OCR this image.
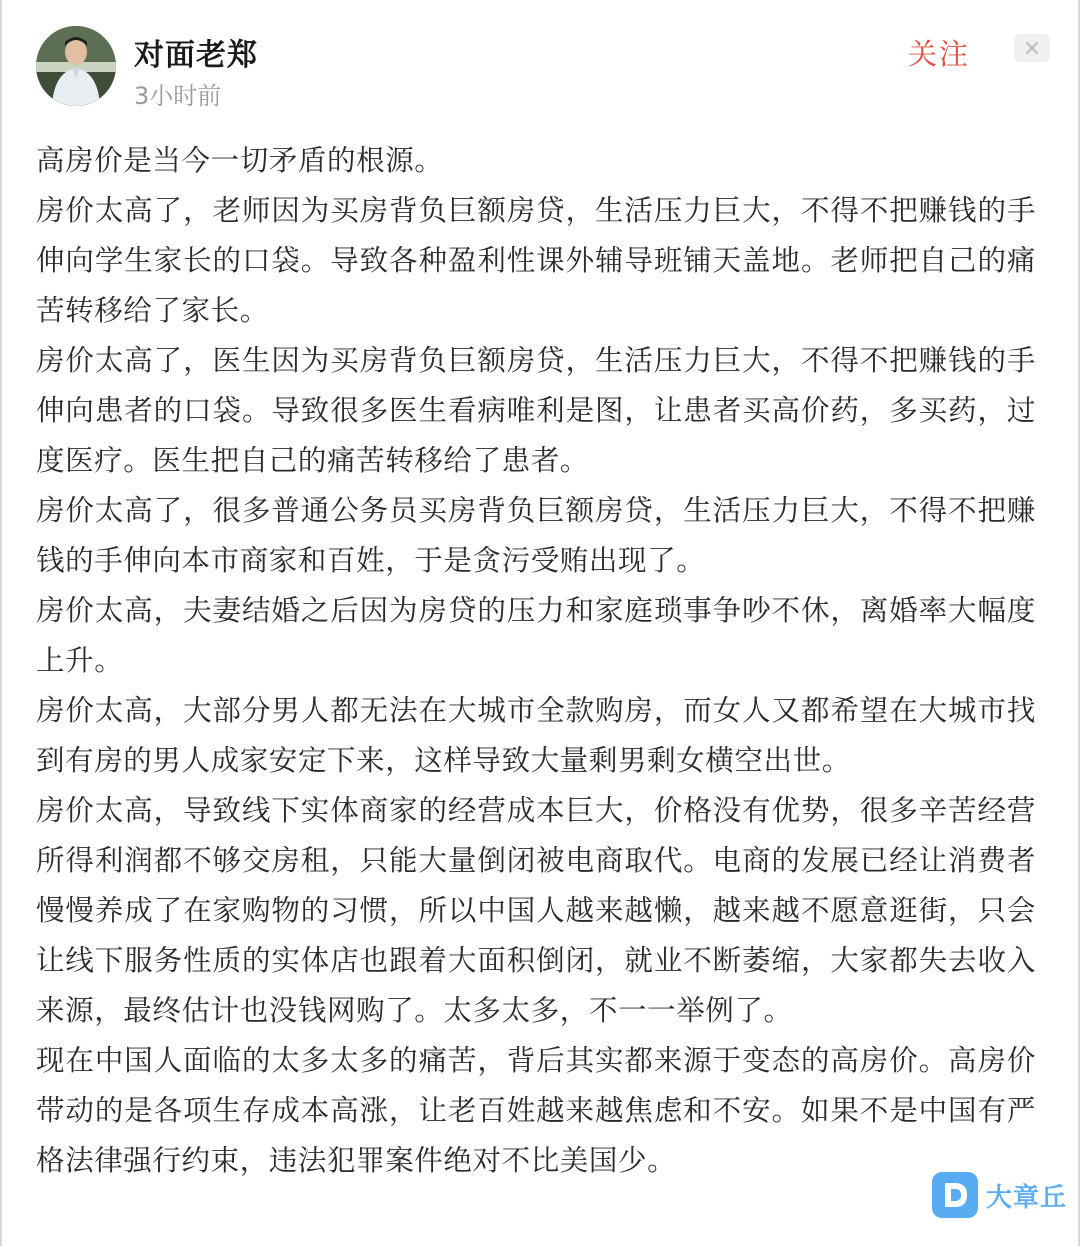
对面老郑
3小时前
关注

高房价是当今一切矛盾的根源。

房价太高了，老师因为买房背负巨额房贷，生活压力巨大，不得不把赚钱的手伸向学生家长的口袋。导致各种盈利性课外辅导班铺天盖地。老师把自己的痛苦转移给了家长。

房价太高了，医生因为买房背负巨额房贷，生活压力巨大，不得不把赚钱的手伸向患者的口袋。导致很多医生看病唯利是图，让患者买高价药，多买药，过度医疗。医生把自己的痛苦转移给了患者。

房价太高了，很多普通公务员买房背负巨额房贷，生活压力巨大，不得不把赚钱的手伸向本市商家和百姓，于是贪污受贿出现了。

房价太高，夫妻结婚之后因为房贷的压力和家庭琐事争吵不休，离婚率大幅度上升。

房价太高，大部分男人都无法在大城市全款购房，而女人又都希望在大城市找到有房的男人成家安定下来，这样导致大量剩男剩女横空出世。

房价太高，导致线下实体商家的经营成本巨大，价格没有优势，很多辛苦经营所得利润都不够交房租，只能大量倒闭被电商取代。电商的发展已经让消费者慢慢养成了在家购物的习惯，所以中国人越来越懒，越来越不愿意逛街，只会让线下服务性质的实体店也跟着大面积倒闭，就业不断萎缩，大家都失去收入来源，最终估计也没钱网购了。太多太多，不一一举例了。

现在中国人面临的太多太多的痛苦，背后其实都来源于变态的高房价。高房价带动的是各项生存成本高涨，让老百姓越来越焦虑和不安。如果不是中国有严格法律强行约束，违法犯罪案件绝对不比美国少。

大章丘
